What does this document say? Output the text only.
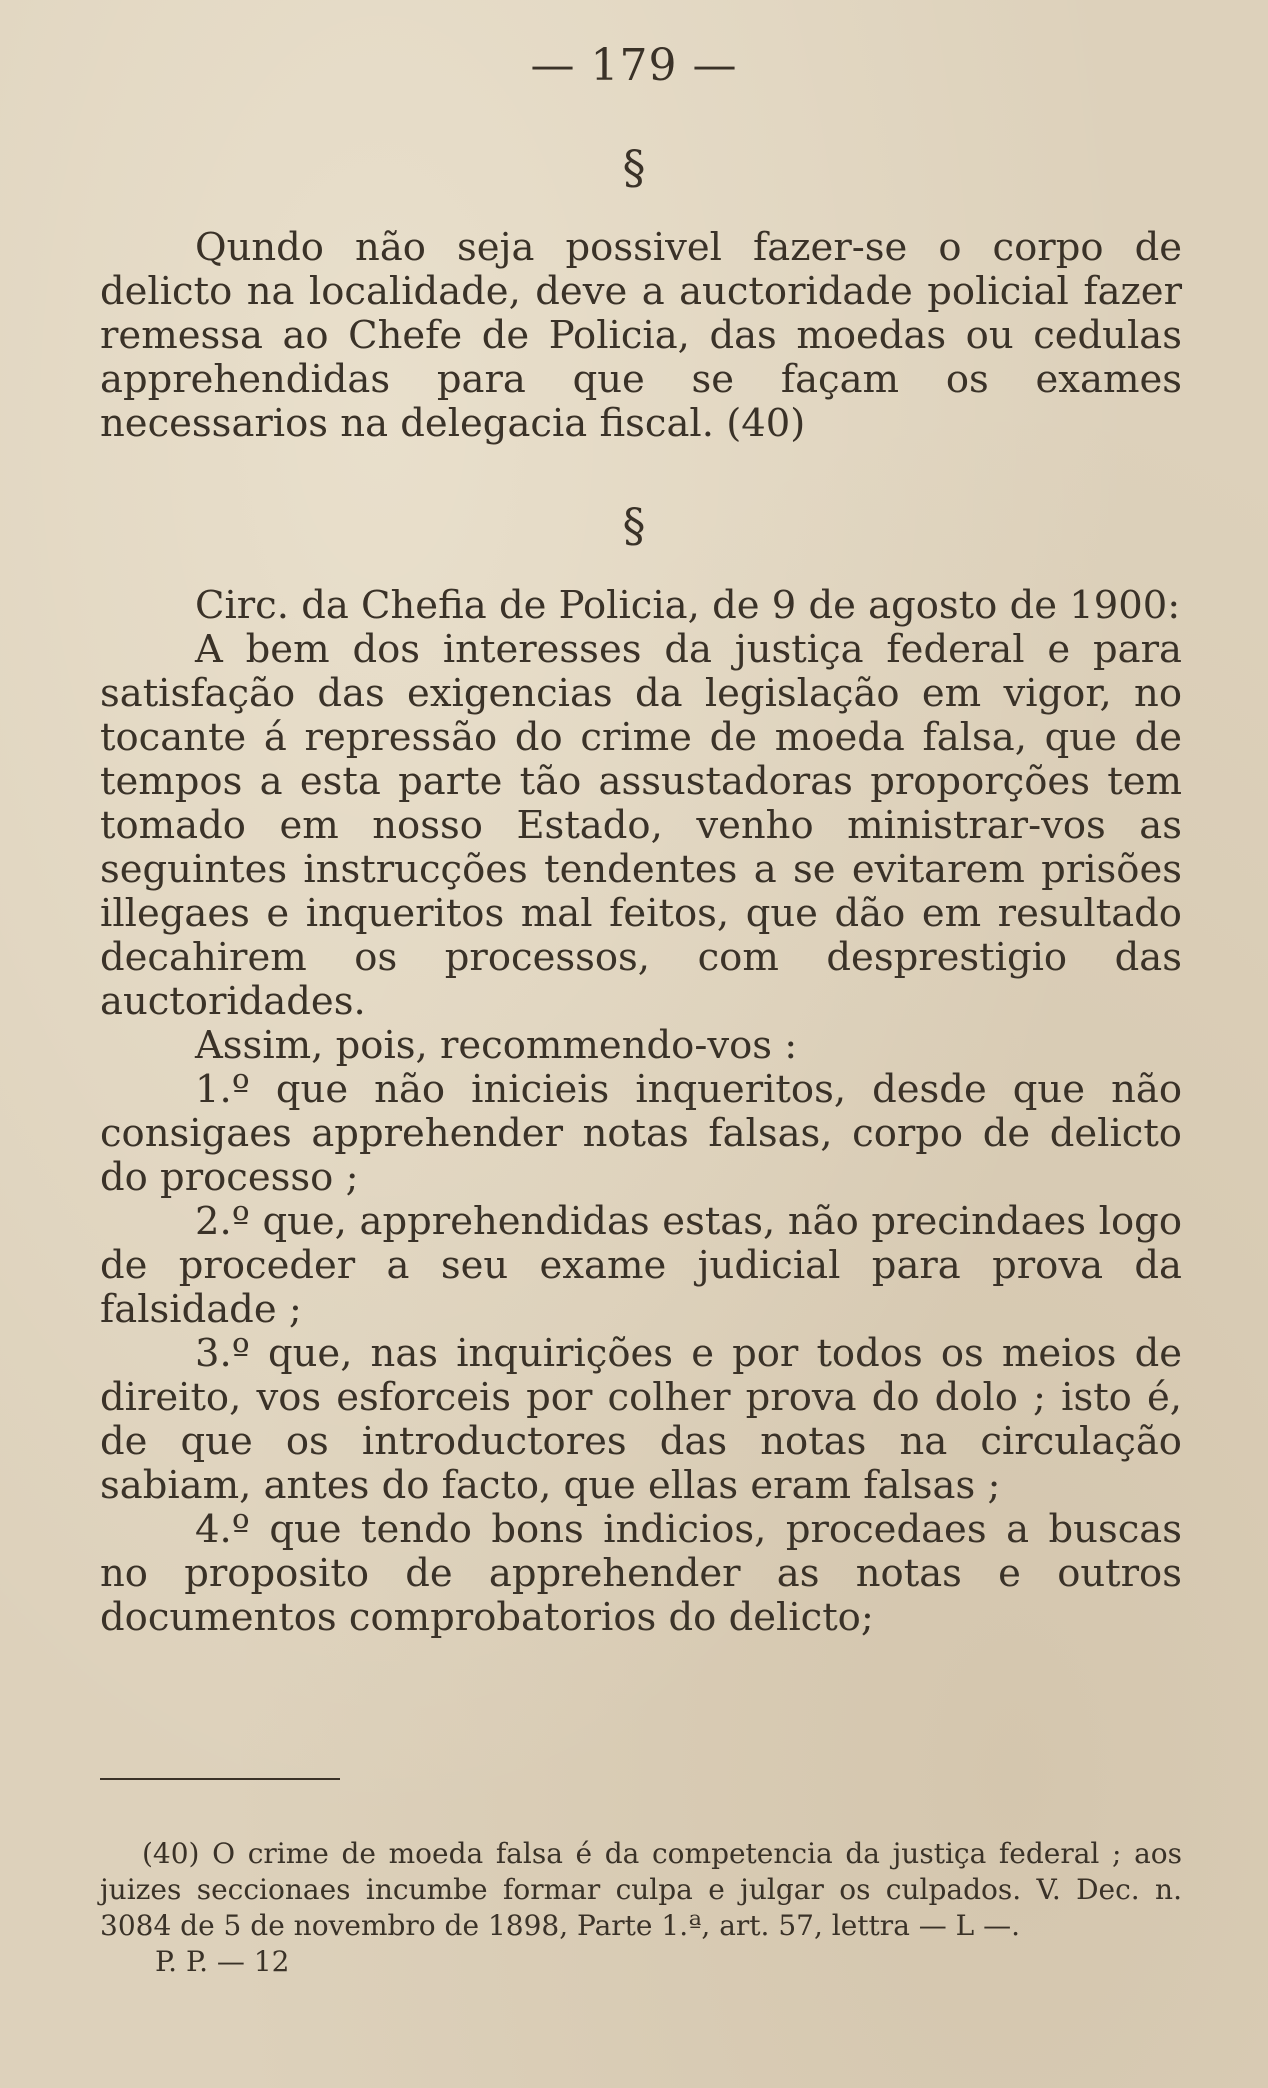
— 179 —
§

Qundo não seja possivel fazer-se o corpo de delicto na localidade, deve a auctoridade policial fazer remessa ao Chefe de Policia, das moedas ou cedulas apprehendidas para que se façam os exames necessarios na delegacia fiscal. (40)

§

Circ. da Chefia de Policia, de 9 de agosto de 1900:

A bem dos interesses da justiça federal e para satisfação das exigencias da legislação em vigor, no tocante á repressão do crime de moeda falsa, que de tempos a esta parte tão assustadoras proporções tem tomado em nosso Estado, venho ministrar-vos as seguintes instrucções tendentes a se evitarem prisões illegaes e inqueritos mal feitos, que dão em resultado decahirem os processos, com desprestigio das auctoridades.

Assim, pois, recommendo-vos :

1.º que não inicieis inqueritos, desde que não consigaes apprehender notas falsas, corpo de delicto do processo ;

2.º que, apprehendidas estas, não precindaes logo de proceder a seu exame judicial para prova da falsidade ;

3.º que, nas inquirições e por todos os meios de direito, vos esforceis por colher prova do dolo ; isto é, de que os introductores das notas na circulação sabiam, antes do facto, que ellas eram falsas ;

4.º que tendo bons indicios, procedaes a buscas no proposito de apprehender as notas e outros documentos comprobatorios do delicto;

(40) O crime de moeda falsa é da competencia da justiça federal ; aos juizes seccionaes incumbe formar culpa e julgar os culpados. V. Dec. n. 3084 de 5 de novembro de 1898, Parte 1.ª, art. 57, lettra — L —.

P. P. — 12
